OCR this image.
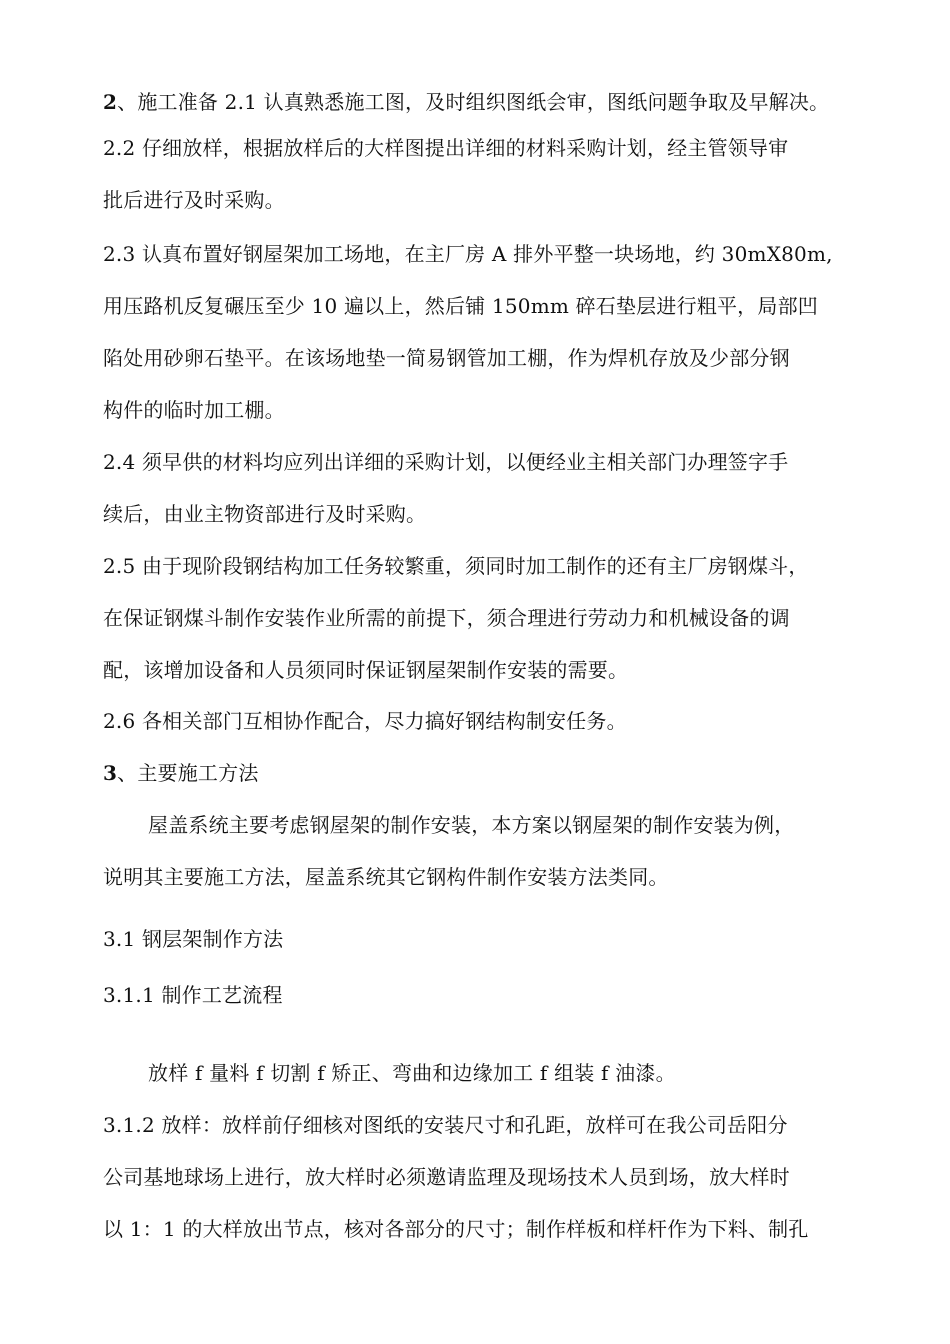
2、施工准备 2.1 认真熟悉施工图，及时组织图纸会审，图纸问题争取及早解决。
2.2 仔细放样，根据放样后的大样图提出详细的材料采购计划，经主管领导审
批后进行及时采购。
2.3 认真布置好钢屋架加工场地，在主厂房 A 排外平整一块场地，约 30mX80m,
用压路机反复碾压至少 10 遍以上，然后铺 150mm 碎石垫层进行粗平，局部凹
陷处用砂卵石垫平。在该场地垫一简易钢管加工棚，作为焊机存放及少部分钢
构件的临时加工棚。
2.4 须早供的材料均应列出详细的采购计划，以便经业主相关部门办理签字手
续后，由业主物资部进行及时采购。
2.5 由于现阶段钢结构加工任务较繁重，须同时加工制作的还有主厂房钢煤斗，
在保证钢煤斗制作安装作业所需的前提下，须合理进行劳动力和机械设备的调
配，该增加设备和人员须同时保证钢屋架制作安装的需要。
2.6 各相关部门互相协作配合，尽力搞好钢结构制安任务。
3、主要施工方法
屋盖系统主要考虑钢屋架的制作安装，本方案以钢屋架的制作安装为例，
说明其主要施工方法，屋盖系统其它钢构件制作安装方法类同。
3.1 钢层架制作方法
3.1.1 制作工艺流程
放样 f 量料 f 切割 f 矫正、弯曲和边缘加工 f 组装 f 油漆。
3.1.2 放样：放样前仔细核对图纸的安装尺寸和孔距，放样可在我公司岳阳分
公司基地球场上进行，放大样时必须邀请监理及现场技术人员到场，放大样时
以 1：1 的大样放出节点，核对各部分的尺寸；制作样板和样杆作为下料、制孔
